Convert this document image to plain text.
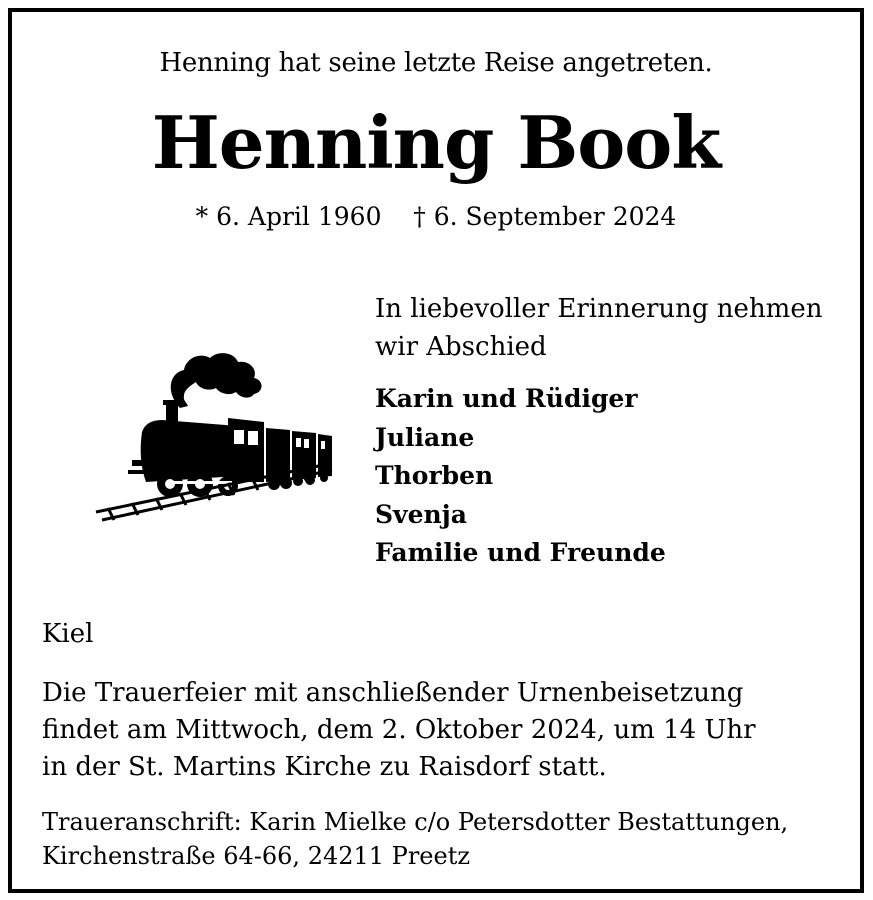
Henning hat seine letzte Reise angetreten.
Henning Book
* 6. April 1960    † 6. September 2024
In liebevoller Erinnerung nehmen
wir Abschied
Karin und Rüdiger
Juliane
Thorben
Svenja
Familie und Freunde
Kiel
Die Trauerfeier mit anschließender Urnenbeisetzung
findet am Mittwoch, dem 2. Oktober 2024, um 14 Uhr
in der St. Martins Kirche zu Raisdorf statt.
Traueranschrift: Karin Mielke c/o Petersdotter Bestattungen,
Kirchenstraße 64-66, 24211 Preetz
